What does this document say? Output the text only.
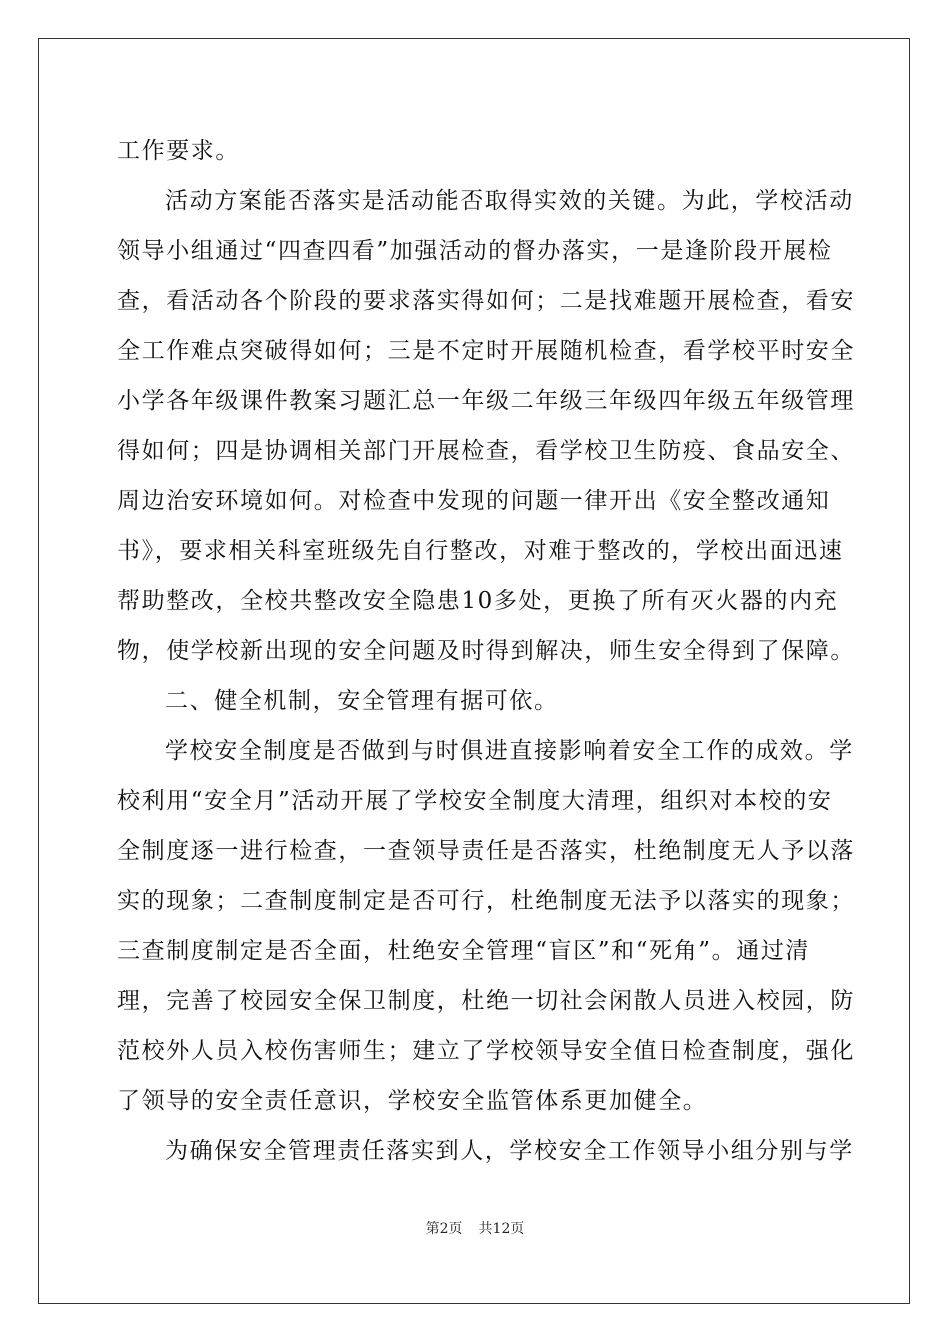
工作要求。
活动方案能否落实是活动能否取得实效的关键。为此，学校活动
领导小组通过“四查四看”加强活动的督办落实，一是逢阶段开展检
查，看活动各个阶段的要求落实得如何；二是找难题开展检查，看安
全工作难点突破得如何；三是不定时开展随机检查，看学校平时安全
小学各年级课件教案习题汇总一年级二年级三年级四年级五年级管理
得如何；四是协调相关部门开展检查，看学校卫生防疫、食品安全、
周边治安环境如何。对检查中发现的问题一律开出《安全整改通知
书》，要求相关科室班级先自行整改，对难于整改的，学校出面迅速
帮助整改，全校共整改安全隐患10多处，更换了所有灭火器的内充
物，使学校新出现的安全问题及时得到解决，师生安全得到了保障。
二、健全机制，安全管理有据可依。
学校安全制度是否做到与时俱进直接影响着安全工作的成效。学
校利用“安全月”活动开展了学校安全制度大清理，组织对本校的安
全制度逐一进行检查，一查领导责任是否落实，杜绝制度无人予以落
实的现象；二查制度制定是否可行，杜绝制度无法予以落实的现象；
三查制度制定是否全面，杜绝安全管理“盲区”和“死角”。通过清
理，完善了校园安全保卫制度，杜绝一切社会闲散人员进入校园，防
范校外人员入校伤害师生；建立了学校领导安全值日检查制度，强化
了领导的安全责任意识，学校安全监管体系更加健全。
为确保安全管理责任落实到人，学校安全工作领导小组分别与学
第2页 共12页
